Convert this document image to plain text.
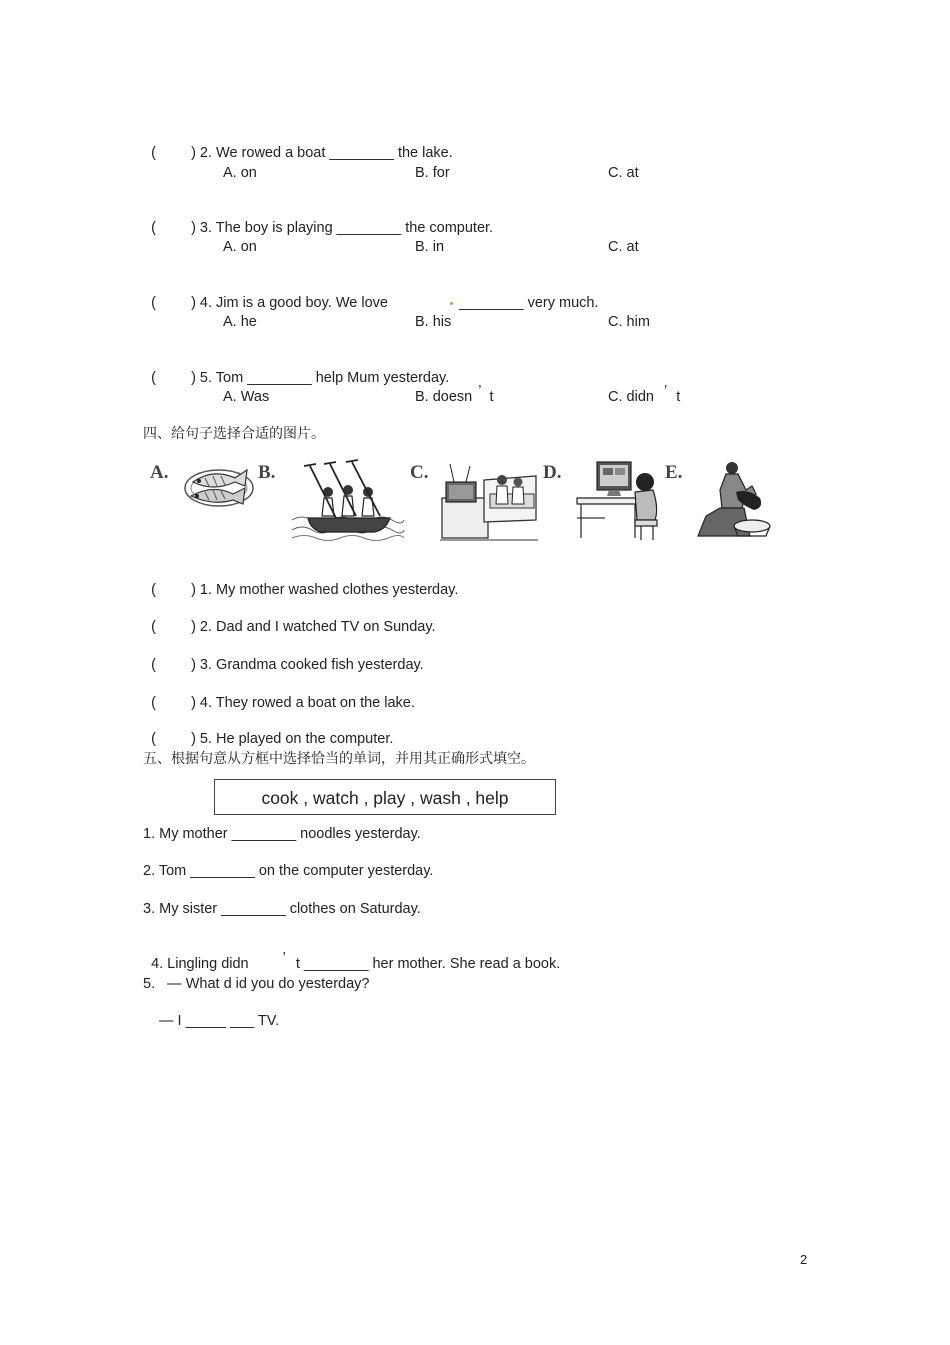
( ) 2. We rowed a boat ________ the lake.

A. on	B. for	C. at

( ) 3. The boy is playing ________ the computer.

A. on	B. in	C. at

( ) 4. Jim is a good boy. We love	________ very much.

A. he	B. his	C. him

( ) 5. Tom ________ help Mum yesterday.

A. Was	B. doesn ’ t	C. didn ’ t
四、给句子选择合适的图片。
A.	B.	C.	D.	E.

( ) 1. My mother washed clothes yesterday.

( ) 2. Dad and I watched TV on Sunday.

( ) 3. Grandma cooked fish yesterday.

( ) 4. They rowed a boat on the lake.

( ) 5. He played on the computer.

五、根据句意从方框中选择恰当的单词，并用其正确形式填空。
cook , watch , play , wash , help
1. My mother ________ noodles yesterday.
2. Tom ________ on the computer yesterday.
3. My sister ________ clothes on Saturday.

4. Lingling didn ’ t ________ her mother. She read a book.

5.   — What d id you do yesterday?
— I _____ ___ TV.
2
